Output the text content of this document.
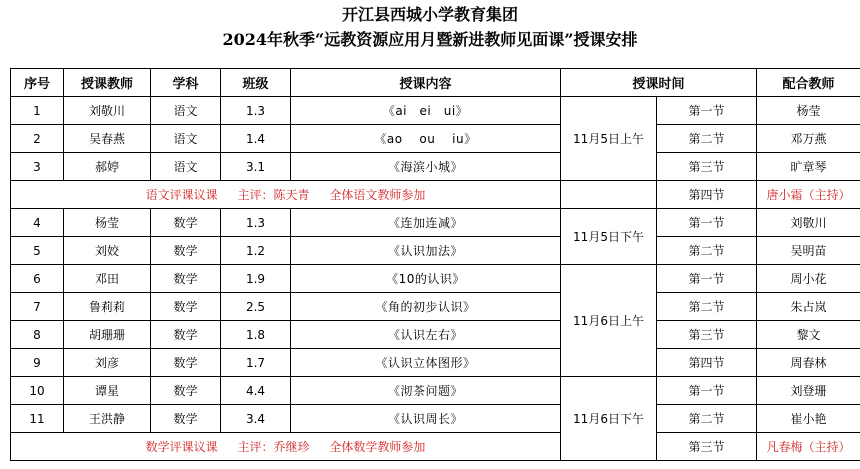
开江县西城小学教育集团
2024年秋季“远教资源应用月暨新进教师见面课”授课安排
序号	授课教师	学科	班级	授课内容	授课时间		配合教师
1	刘敬川	语文	1.3	《ai　ei　ui》	11月5日上午	第一节	杨莹
2	吴春燕	语文	1.4	《ao　 ou　 iu》		第二节	邓万燕
3	郝婷	语文	3.1	《海滨小城》		第三节	旷章琴
语文评课议课 主评：陈天青 全体语文教师参加						第四节	唐小霜（主持）
4	杨莹	数学	1.3	《连加连减》	11月5日下午	第一节	刘敬川
5	刘姣	数学	1.2	《认识加法》		第二节	吴明苗
6	邓田	数学	1.9	《10的认识》	11月6日上午	第一节	周小花
7	鲁莉莉	数学	2.5	《角的初步认识》		第二节	朱占岚
8	胡珊珊	数学	1.8	《认识左右》		第三节	黎文
9	刘彦	数学	1.7	《认识立体图形》		第四节	周春林
10	谭星	数学	4.4	《沏茶问题》	11月6日下午	第一节	刘登珊
11	王洪静	数学	3.4	《认识周长》		第二节	崔小艳
数学评课议课 主评：乔继珍 全体数学教师参加						第三节	凡春梅（主持）
